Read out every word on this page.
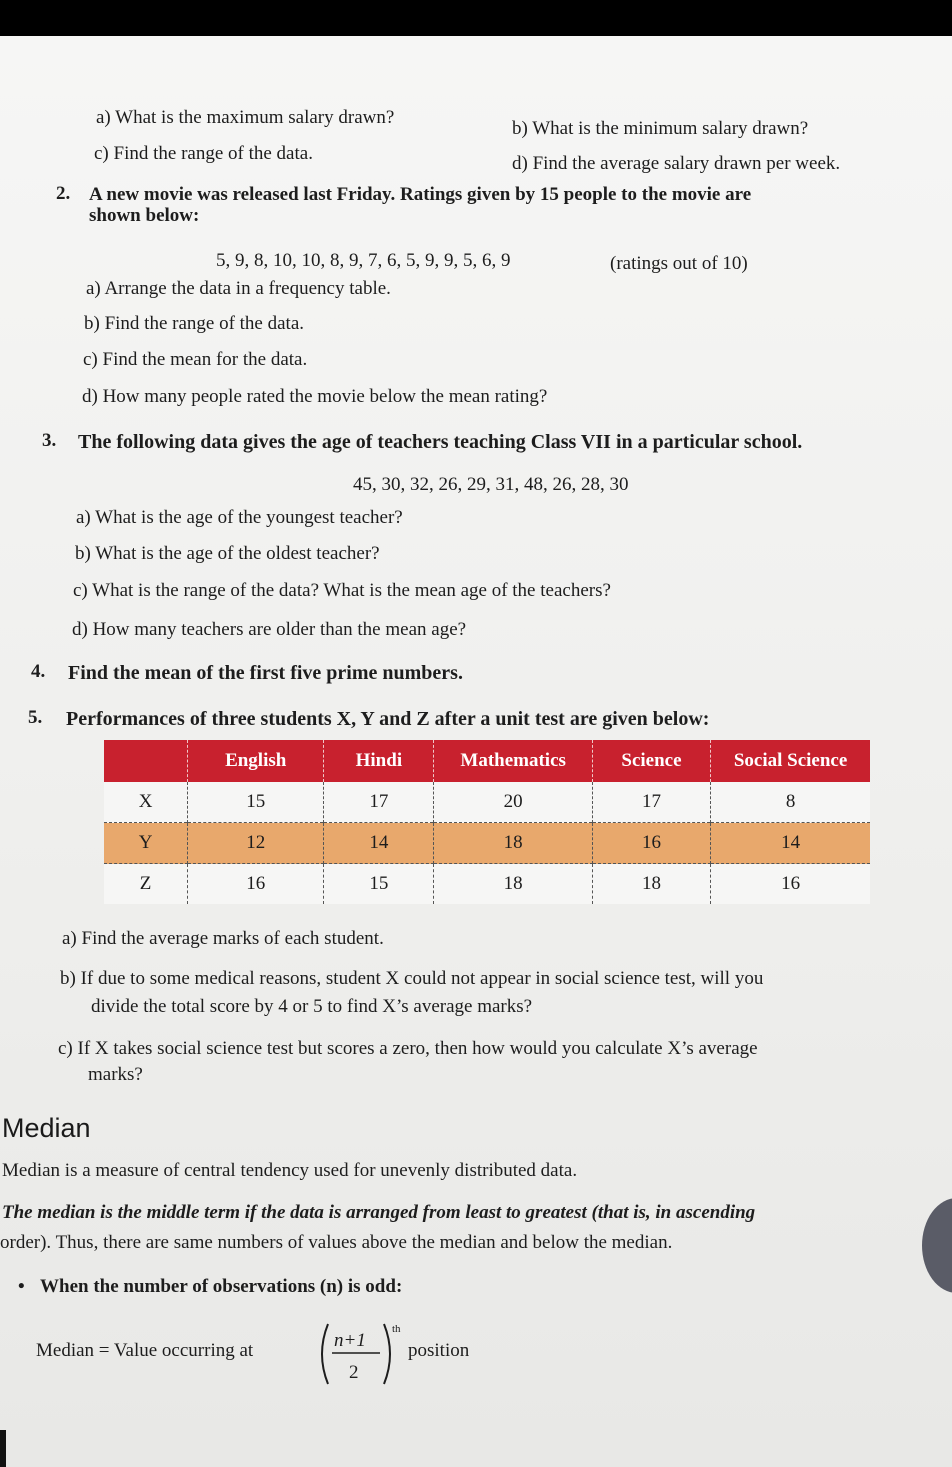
a) What is the maximum salary drawn?
b) What is the minimum salary drawn?
c) Find the range of the data.	d) Find the average salary drawn per week.
2. A new movie was released last Friday. Ratings given by 15 people to the movie are
shown below:
5, 9, 8, 10, 10, 8, 9, 7, 6, 5, 9, 9, 5, 6, 9	(ratings out of 10)
a) Arrange the data in a frequency table.
b) Find the range of the data.
c) Find the mean for the data.
d) How many people rated the movie below the mean rating?
3. The following data gives the age of teachers teaching Class VII in a particular school.
45, 30, 32, 26, 29, 31, 48, 26, 28, 30
a) What is the age of the youngest teacher?
b) What is the age of the oldest teacher?
c) What is the range of the data? What is the mean age of the teachers?
d) How many teachers are older than the mean age?
4. Find the mean of the first five prime numbers.
5. Performances of three students X, Y and Z after a unit test are given below:
	English	Hindi	Mathematics	Science	Social Science
X	15	17	20	17	8
Y	12	14	18	16	14
Z	16	15	18	18	16
a) Find the average marks of each student.
b) If due to some medical reasons, student X could not appear in social science test, will you
divide the total score by 4 or 5 to find X’s average marks?
c) If X takes social science test but scores a zero, then how would you calculate X’s average
marks?
Median
Median is a measure of central tendency used for unevenly distributed data.
The median is the middle term if the data is arranged from least to greatest (that is, in ascending
order). Thus, there are same numbers of values above the median and below the median.
• When the number of observations (n) is odd:
Median = Value occurring at	n+1
2
th
position
